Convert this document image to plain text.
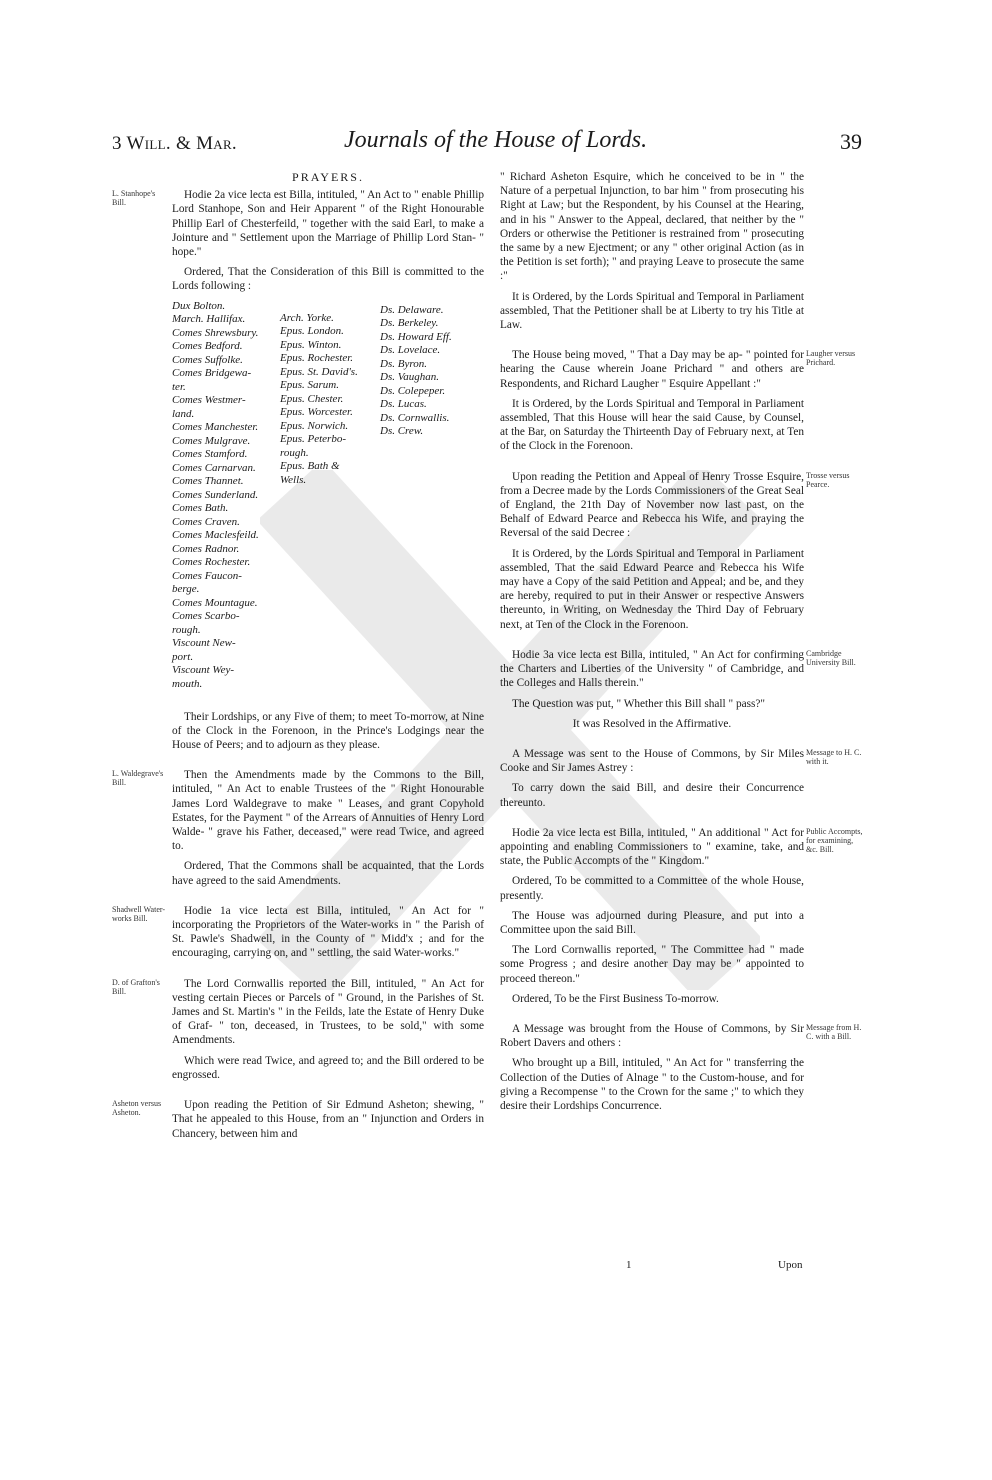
3 Will. & Mar.	Journals of the House of Lords.	39
PRAYERS.
L. Stanhope's Bill.

Hodie 2a vice lecta est Billa, intituled, " An Act to " enable Phillip Lord Stanhope, Son and Heir Apparent " of the Right Honourable Phillip Earl of Chesterfeild, " together with the said Earl, to make a Jointure and " Settlement upon the Marriage of Phillip Lord Stan- " hope."

Ordered, That the Consideration of this Bill is committed to the Lords following :

Dux Bolton.
March. Hallifax.
Comes Shrewsbury.
Comes Bedford.
Comes Suffolke.
Comes Bridgewa-
ter.
Comes Westmer-
land.
Comes Manchester.
Comes Mulgrave.
Comes Stamford.
Comes Carnarvan.
Comes Thannet.
Comes Sunderland.
Comes Bath.
Comes Craven.
Comes Maclesfeild.
Comes Radnor.
Comes Rochester.
Comes Faucon-
berge.
Comes Mountague.
Comes Scarbo-
rough.
Viscount New-
port.
Viscount Wey-
mouth.
Arch. Yorke.
Epus. London.
Epus. Winton.
Epus. Rochester.
Epus. St. David's.
Epus. Sarum.
Epus. Chester.
Epus. Worcester.
Epus. Norwich.
Epus. Peterbo-
rough.
Epus. Bath &
Wells.
Ds. Delaware.
Ds. Berkeley.
Ds. Howard Eff.
Ds. Lovelace.
Ds. Byron.
Ds. Vaughan.
Ds. Colepeper.
Ds. Lucas.
Ds. Cornwallis.
Ds. Crew.

Their Lordships, or any Five of them; to meet To-morrow, at Nine of the Clock in the Forenoon, in the Prince's Lodgings near the House of Peers; and to adjourn as they please.

L. Waldegrave's Bill.

Then the Amendments made by the Commons to the Bill, intituled, " An Act to enable Trustees of the " Right Honourable James Lord Waldegrave to make " Leases, and grant Copyhold Estates, for the Payment " of the Arrears of Annuities of Henry Lord Walde- " grave his Father, deceased," were read Twice, and agreed to.

Ordered, That the Commons shall be acquainted, that the Lords have agreed to the said Amendments.

Shadwell Water-works Bill.

Hodie 1a vice lecta est Billa, intituled, " An Act for " incorporating the Proprietors of the Water-works in " the Parish of St. Pawle's Shadwell, in the County of " Midd'x ; and for the encouraging, carrying on, and " settling, the said Water-works."

D. of Grafton's Bill.

The Lord Cornwallis reported the Bill, intituled, " An Act for vesting certain Pieces or Parcels of " Ground, in the Parishes of St. James and St. Martin's " in the Feilds, late the Estate of Henry Duke of Graf- " ton, deceased, in Trustees, to be sold," with some Amendments.

Which were read Twice, and agreed to; and the Bill ordered to be engrossed.

Asheton versus Asheton.

Upon reading the Petition of Sir Edmund Asheton; shewing, " That he appealed to this House, from an " Injunction and Orders in Chancery, between him and

" Richard Asheton Esquire, which he conceived to be in " the Nature of a perpetual Injunction, to bar him " from prosecuting his Right at Law; but the Respondent, by his Counsel at the Hearing, and in his " Answer to the Appeal, declared, that neither by the " Orders or otherwise the Petitioner is restrained from " prosecuting the same by a new Ejectment; or any " other original Action (as in the Petition is set forth); " and praying Leave to prosecute the same :"

It is Ordered, by the Lords Spiritual and Temporal in Parliament assembled, That the Petitioner shall be at Liberty to try his Title at Law.

Laugher versus Prichard.

The House being moved, " That a Day may be ap- " pointed for hearing the Cause wherein Joane Prichard " and others are Respondents, and Richard Laugher " Esquire Appellant :"

It is Ordered, by the Lords Spiritual and Temporal in Parliament assembled, That this House will hear the said Cause, by Counsel, at the Bar, on Saturday the Thirteenth Day of February next, at Ten of the Clock in the Forenoon.

Trosse versus Pearce.

Upon reading the Petition and Appeal of Henry Trosse Esquire, from a Decree made by the Lords Commissioners of the Great Seal of England, the 21th Day of November now last past, on the Behalf of Edward Pearce and Rebecca his Wife, and praying the Reversal of the said Decree :

It is Ordered, by the Lords Spiritual and Temporal in Parliament assembled, That the said Edward Pearce and Rebecca his Wife may have a Copy of the said Petition and Appeal; and be, and they are hereby, required to put in their Answer or respective Answers thereunto, in Writing, on Wednesday the Third Day of February next, at Ten of the Clock in the Forenoon.

Cambridge University Bill.

Hodie 3a vice lecta est Billa, intituled, " An Act for confirming the Charters and Liberties of the University " of Cambridge, and the Colleges and Halls therein."

The Question was put, " Whether this Bill shall " pass?"

It was Resolved in the Affirmative.

Message to H. C. with it.

A Message was sent to the House of Commons, by Sir Miles Cooke and Sir James Astrey :

To carry down the said Bill, and desire their Concurrence thereunto.

Public Accompts, for examining, &c. Bill.

Hodie 2a vice lecta est Billa, intituled, " An additional " Act for appointing and enabling Commissioners to " examine, take, and state, the Public Accompts of the " Kingdom."

Ordered, To be committed to a Committee of the whole House, presently.

The House was adjourned during Pleasure, and put into a Committee upon the said Bill.

The Lord Cornwallis reported, " The Committee had " made some Progress ; and desire another Day may be " appointed to proceed thereon."

Ordered, To be the First Business To-morrow.

Message from H. C. with a Bill.

A Message was brought from the House of Commons, by Sir Robert Davers and others :

Who brought up a Bill, intituled, " An Act for " transferring the Collection of the Duties of Alnage " to the Custom-house, and for giving a Recompense " to the Crown for the same ;" to which they desire their Lordships Concurrence.

1	Upon
